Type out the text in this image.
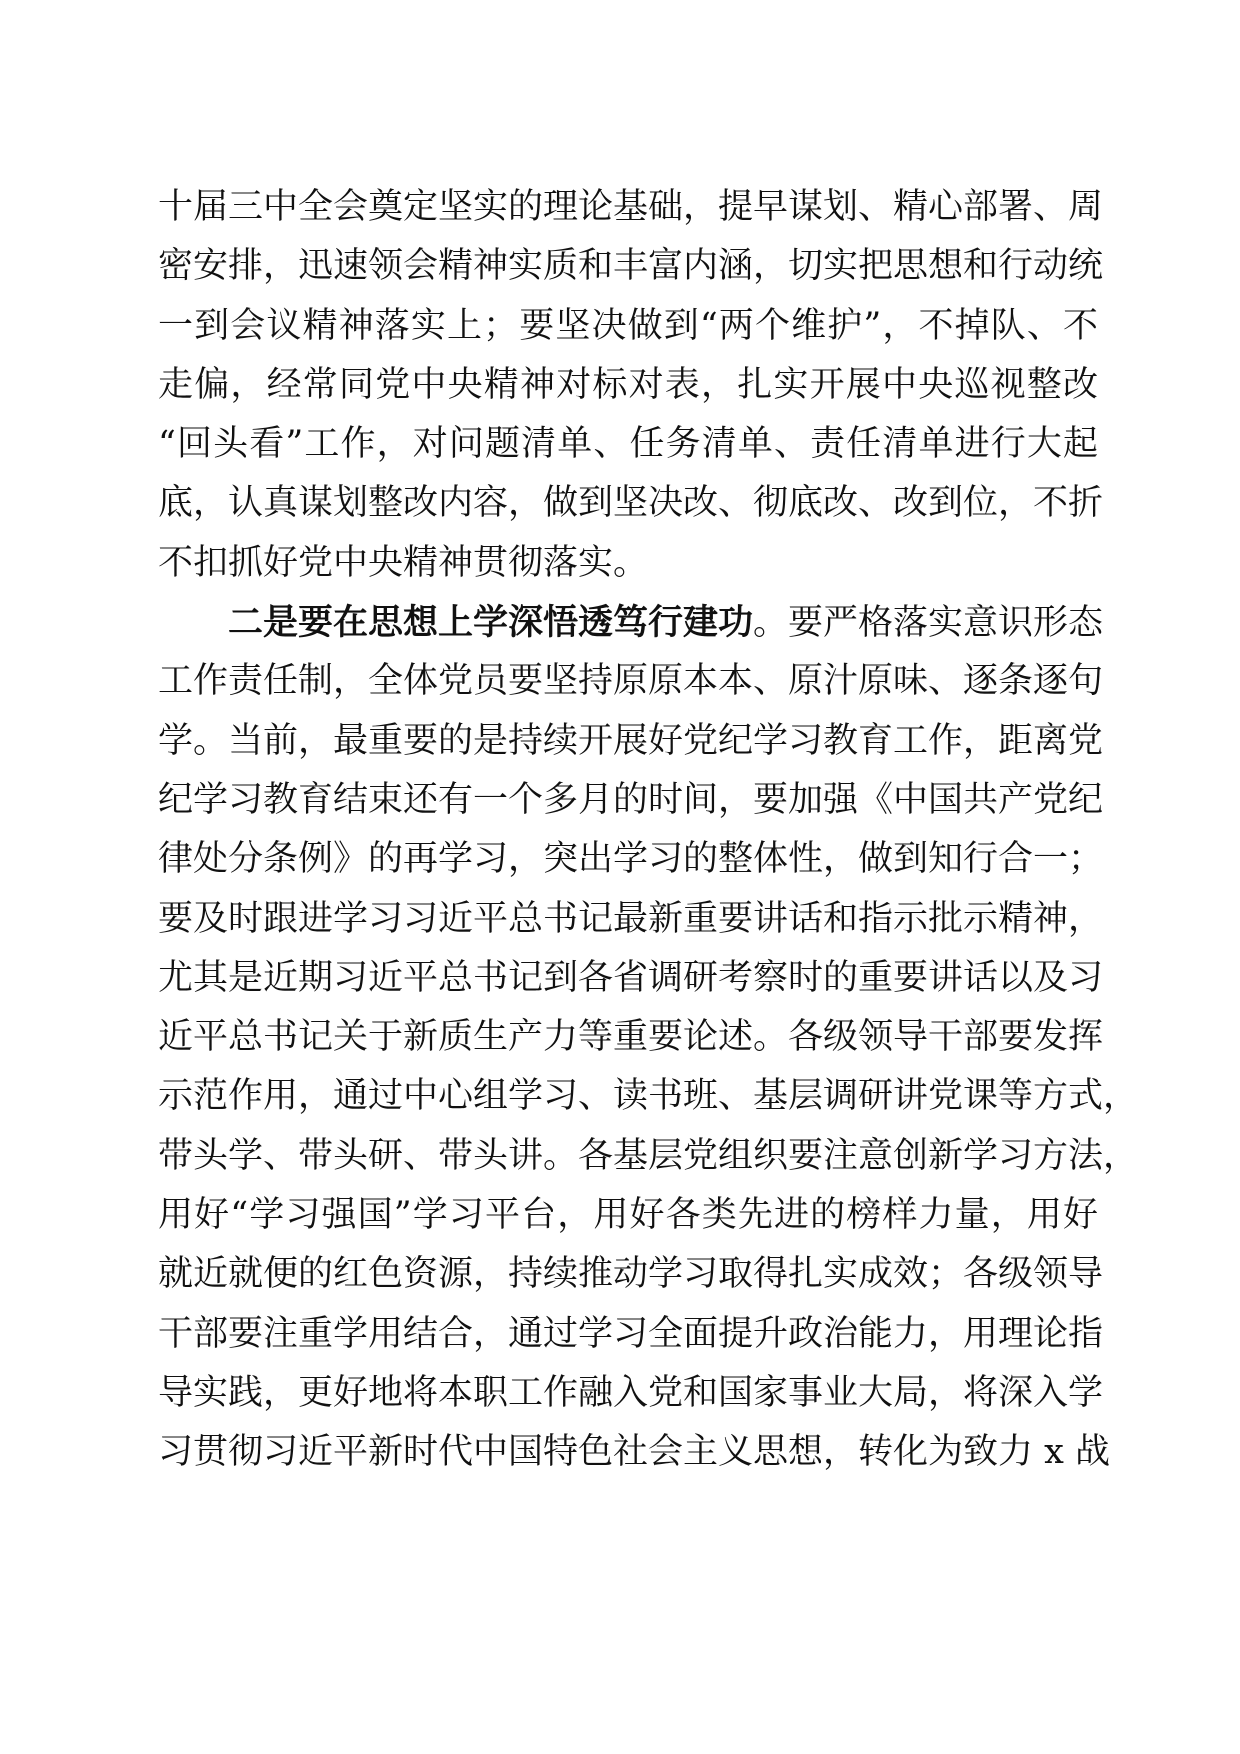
十届三中全会奠定坚实的理论基础，提早谋划、精心部署、周
密安排，迅速领会精神实质和丰富内涵，切实把思想和行动统
一到会议精神落实上；要坚决做到“两个维护”，不掉队、不
走偏，经常同党中央精神对标对表，扎实开展中央巡视整改
“回头看”工作，对问题清单、任务清单、责任清单进行大起
底，认真谋划整改内容，做到坚决改、彻底改、改到位，不折
不扣抓好党中央精神贯彻落实。
二是要在思想上学深悟透笃行建功。要严格落实意识形态
工作责任制，全体党员要坚持原原本本、原汁原味、逐条逐句
学。当前，最重要的是持续开展好党纪学习教育工作，距离党
纪学习教育结束还有一个多月的时间，要加强《中国共产党纪
律处分条例》的再学习，突出学习的整体性，做到知行合一；
要及时跟进学习习近平总书记最新重要讲话和指示批示精神，
尤其是近期习近平总书记到各省调研考察时的重要讲话以及习
近平总书记关于新质生产力等重要论述。各级领导干部要发挥
示范作用，通过中心组学习、读书班、基层调研讲党课等方式，
带头学、带头研、带头讲。各基层党组织要注意创新学习方法，
用好“学习强国”学习平台，用好各类先进的榜样力量，用好
就近就便的红色资源，持续推动学习取得扎实成效；各级领导
干部要注重学用结合，通过学习全面提升政治能力，用理论指
导实践，更好地将本职工作融入党和国家事业大局，将深入学
习贯彻习近平新时代中国特色社会主义思想，转化为致力 x 战
